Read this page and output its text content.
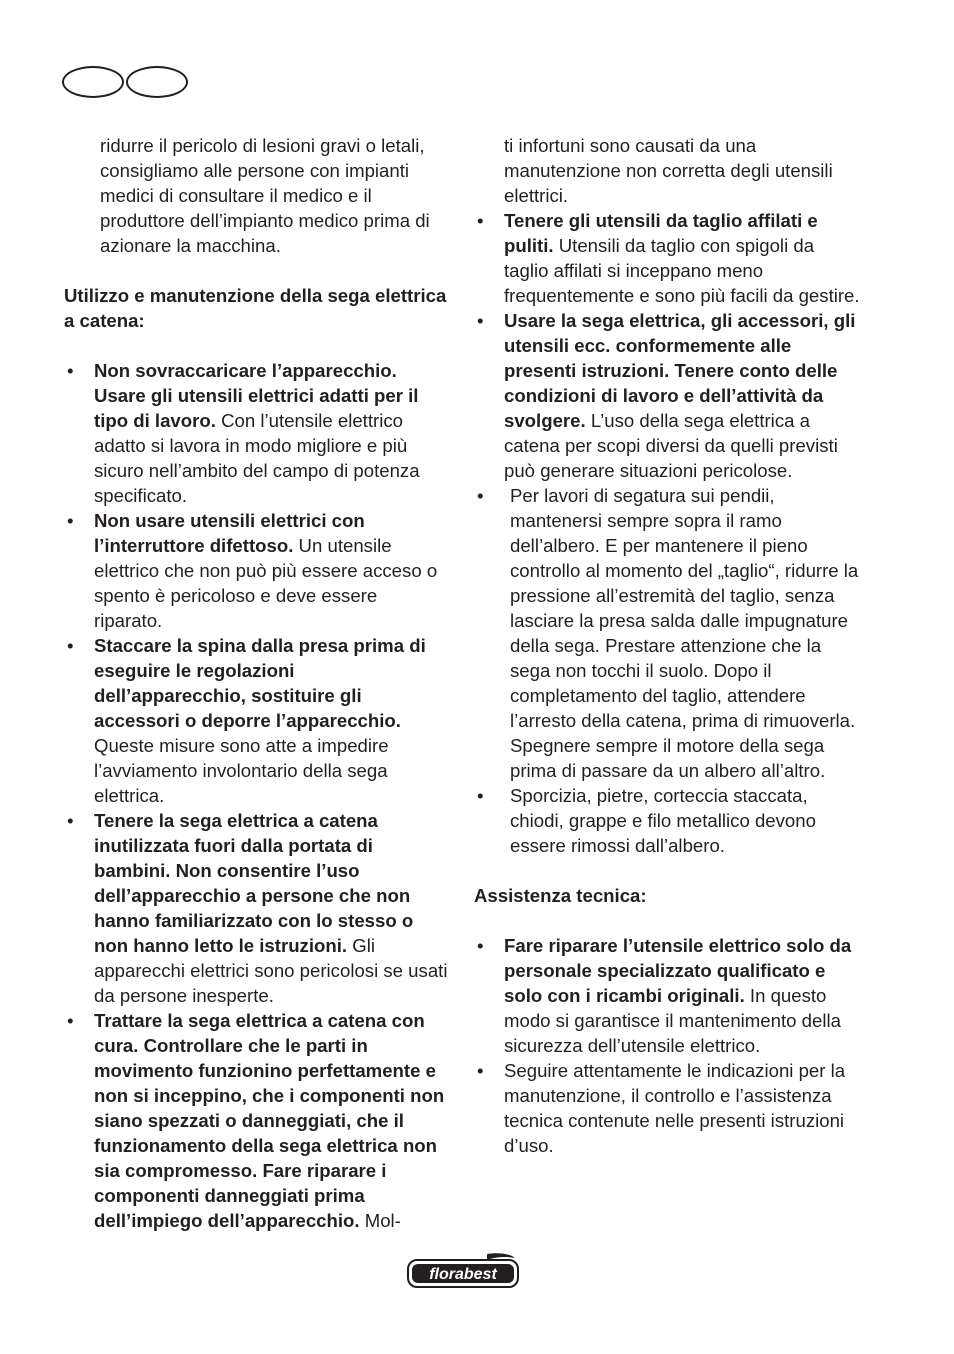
ridurre il pericolo di lesioni gravi o letali, consigliamo alle persone con impianti medici di consultare il medico e il produttore dell’impianto medico prima di azionare la macchina.

Utilizzo e manutenzione della sega elettrica a catena:

•	Non sovraccaricare l’apparecchio. Usare gli utensili elettrici adatti per il tipo di lavoro. Con l’utensile elettrico adatto si lavora in modo migliore e più sicuro nell’ambito del campo di potenza specificato.

•	Non usare utensili elettrici con l’interruttore difettoso. Un utensile elettrico che non può più essere acceso o spento è pericoloso e deve essere riparato.

•	Staccare la spina dalla presa prima di eseguire le regolazioni dell’apparecchio, sostituire gli accessori o deporre l’apparecchio. Queste misure sono atte a impedire l’avviamento involontario della sega elettrica.

•	Tenere la sega elettrica a catena inutilizzata fuori dalla portata di bambini. Non consentire l’uso dell’apparecchio a persone che non hanno familiarizzato con lo stesso o non hanno letto le istruzioni. Gli apparecchi elettrici sono pericolosi se usati da persone inesperte.

•	Trattare la sega elettrica a catena con cura. Controllare che le parti in movimento funzionino perfettamente e non si inceppino, che i componenti non siano spezzati o danneggiati, che il funzionamento della sega elettrica non sia compromesso. Fare riparare i componenti danneggiati prima dell’impiego dell’apparecchio. Mol-

ti infortuni sono causati da una manutenzione non corretta degli utensili elettrici.

•	Tenere gli utensili da taglio affilati e puliti. Utensili da taglio con spigoli da taglio affilati si inceppano meno frequentemente e sono più facili da gestire.

•	Usare la sega elettrica, gli accessori, gli utensili ecc. conformemente alle presenti istruzioni. Tenere conto delle condizioni di lavoro e dell’attività da svolgere. L’uso della sega elettrica a catena per scopi diversi da quelli previsti può generare situazioni pericolose.

•	Per lavori di segatura sui pendii, mantenersi sempre sopra il ramo dell’albero. E per mantenere il pieno controllo al momento del „taglio“, ridurre la pressione all’estremità del taglio, senza lasciare la presa salda dalle impugnature della sega. Prestare attenzione che la sega non tocchi il suolo. Dopo il completamento del taglio, attendere l’arresto della catena, prima di rimuoverla. Spegnere sempre il motore della sega prima di passare da un albero all’altro.

•	Sporcizia, pietre, corteccia staccata, chiodi, grappe e filo metallico devono essere rimossi dall’albero.

Assistenza tecnica:

•	Fare riparare l’utensile elettrico solo da personale specializzato qualificato e solo con i ricambi originali. In questo modo si garantisce il mantenimento della sicurezza dell’utensile elettrico.

•	Seguire attentamente le indicazioni per la manutenzione, il controllo e l’assistenza tecnica contenute nelle presenti istruzioni d’uso.

florabest
